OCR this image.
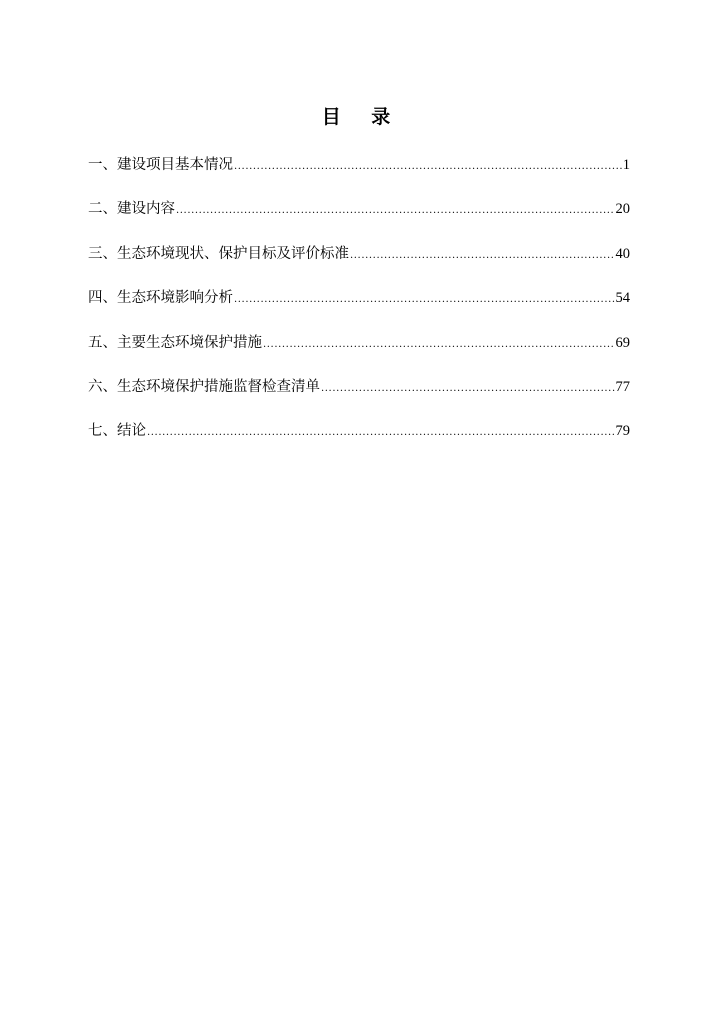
目 录
一、建设项目基本情况 .....	1
二、建设内容 .....	20
三、生态环境现状、保护目标及评价标准 .....	40
四、生态环境影响分析 .....	54
五、主要生态环境保护措施 .....	69
六、生态环境保护措施监督检查清单 .....	77
七、结论 .....	79
